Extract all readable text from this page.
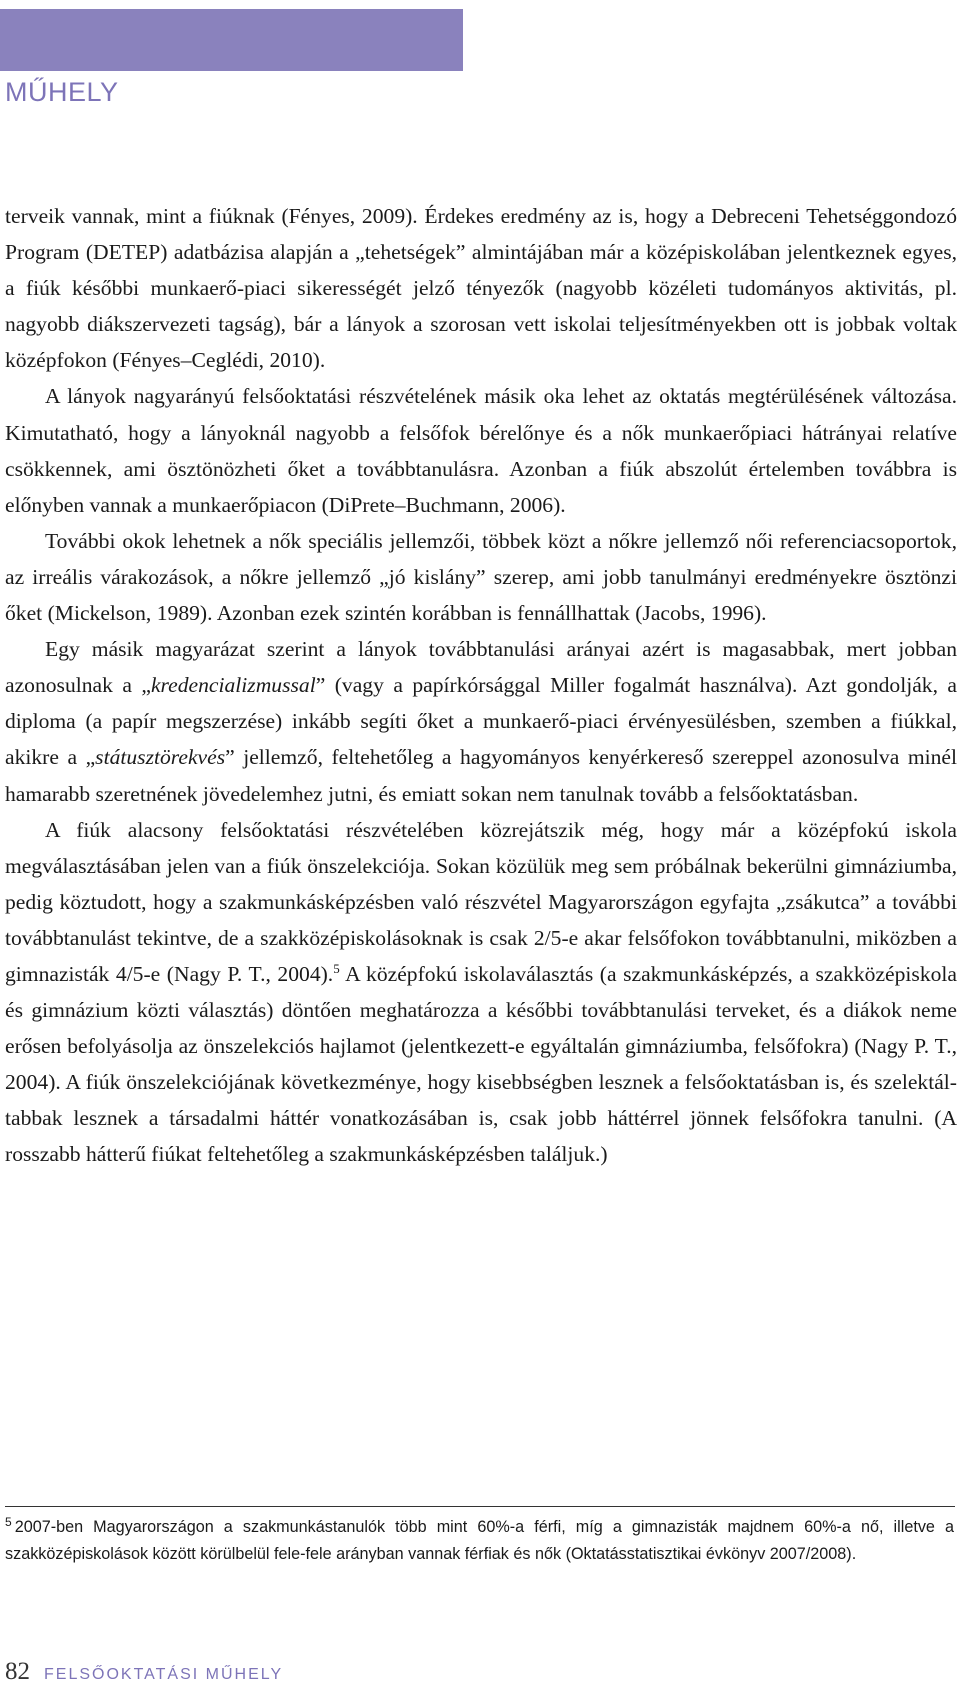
MŰHELY

terveik vannak, mint a fiúknak (Fényes, 2009). Érdekes eredmény az is, hogy a Debreceni Tehetséggondozó Program (DETEP) adatbázisa alapján a „tehetségek” almintájában már a középiskolában jelentkeznek egyes, a fiúk későbbi munkaerő-piaci sikerességét jelző tényezők (nagyobb közéleti tudományos aktivitás, pl. nagyobb diákszervezeti tagság), bár a lányok a szorosan vett iskolai teljesítményekben ott is jobbak voltak középfokon (Fényes–Ceglédi, 2010).

A lányok nagyarányú felsőoktatási részvételének másik oka lehet az oktatás megtérülésének változása. Kimutatható, hogy a lányoknál nagyobb a felsőfok bérelőnye és a nők munkaerőpiaci hátrányai relatíve csökkennek, ami ösztönözheti őket a továbbtanulásra. Azonban a fiúk abszolút értelemben továbbra is előnyben vannak a munkaerőpiacon (DiPrete–Buchmann, 2006).

További okok lehetnek a nők speciális jellemzői, többek közt a nőkre jellemző női referenciacsoportok, az irreális várakozások, a nőkre jellemző „jó kislány” szerep, ami jobb tanulmányi eredményekre ösztönzi őket (Mickelson, 1989). Azonban ezek szintén korábban is fennállhattak (Jacobs, 1996).

Egy másik magyarázat szerint a lányok továbbtanulási arányai azért is magasabbak, mert jobban azonosulnak a „kredencializmussal” (vagy a papírkórsággal Miller fogalmát használva). Azt gondolják, a diploma (a papír megszerzése) inkább segíti őket a munkaerő-piaci érvényesülésben, szemben a fiúkkal, akikre a „státusztörekvés” jellemző, feltehetőleg a hagyományos kenyérkereső szereppel azonosulva minél hamarabb szeretnének jövedelemhez jutni, és emiatt sokan nem tanulnak tovább a felsőoktatásban.

A fiúk alacsony felsőoktatási részvételében közrejátszik még, hogy már a középfokú iskola megválasztásában jelen van a fiúk önszelekciója. Sokan közülük meg sem próbálnak bekerülni gimnáziumba, pedig köztudott, hogy a szakmunkásképzésben való részvétel Magyarországon egyfajta „zsákutca” a további továbbtanulást tekintve, de a szakközépiskolásoknak is csak 2/5-e akar felsőfokon továbbtanulni, miközben a gimnazisták 4/5-e (Nagy P. T., 2004).$^5$ A középfokú iskolaválasztás (a szakmunkásképzés, a szakközépiskola és gimnázium közti választás) döntően meghatározza a későbbi továbbtanulási terveket, és a diákok neme erősen befolyásolja az önszelekciós hajlamot (jelentkezett-e egyáltalán gimnáziumba, felsőfokra) (Nagy P. T., 2004). A fiúk önszelekciójának következménye, hogy kisebbségben lesznek a felsőoktatásban is, és szelektáltabbak lesznek a társadalmi háttér vonatkozásában is, csak jobb háttérrel jönnek felsőfokra tanulni. (A rosszabb hátterű fiúkat feltehetőleg a szakmunkásképzésben találjuk.)

$^5$ 2007-ben Magyarországon a szakmunkástanulók több mint 60%-a férfi, míg a gimnazisták majdnem 60%-a nő, illetve a szakközépiskolások között körülbelül fele-fele arányban vannak férfiak és nők (Oktatásstatisztikai évkönyv 2007/2008).
82 FELSŐOKTATÁSI MŰHELY
